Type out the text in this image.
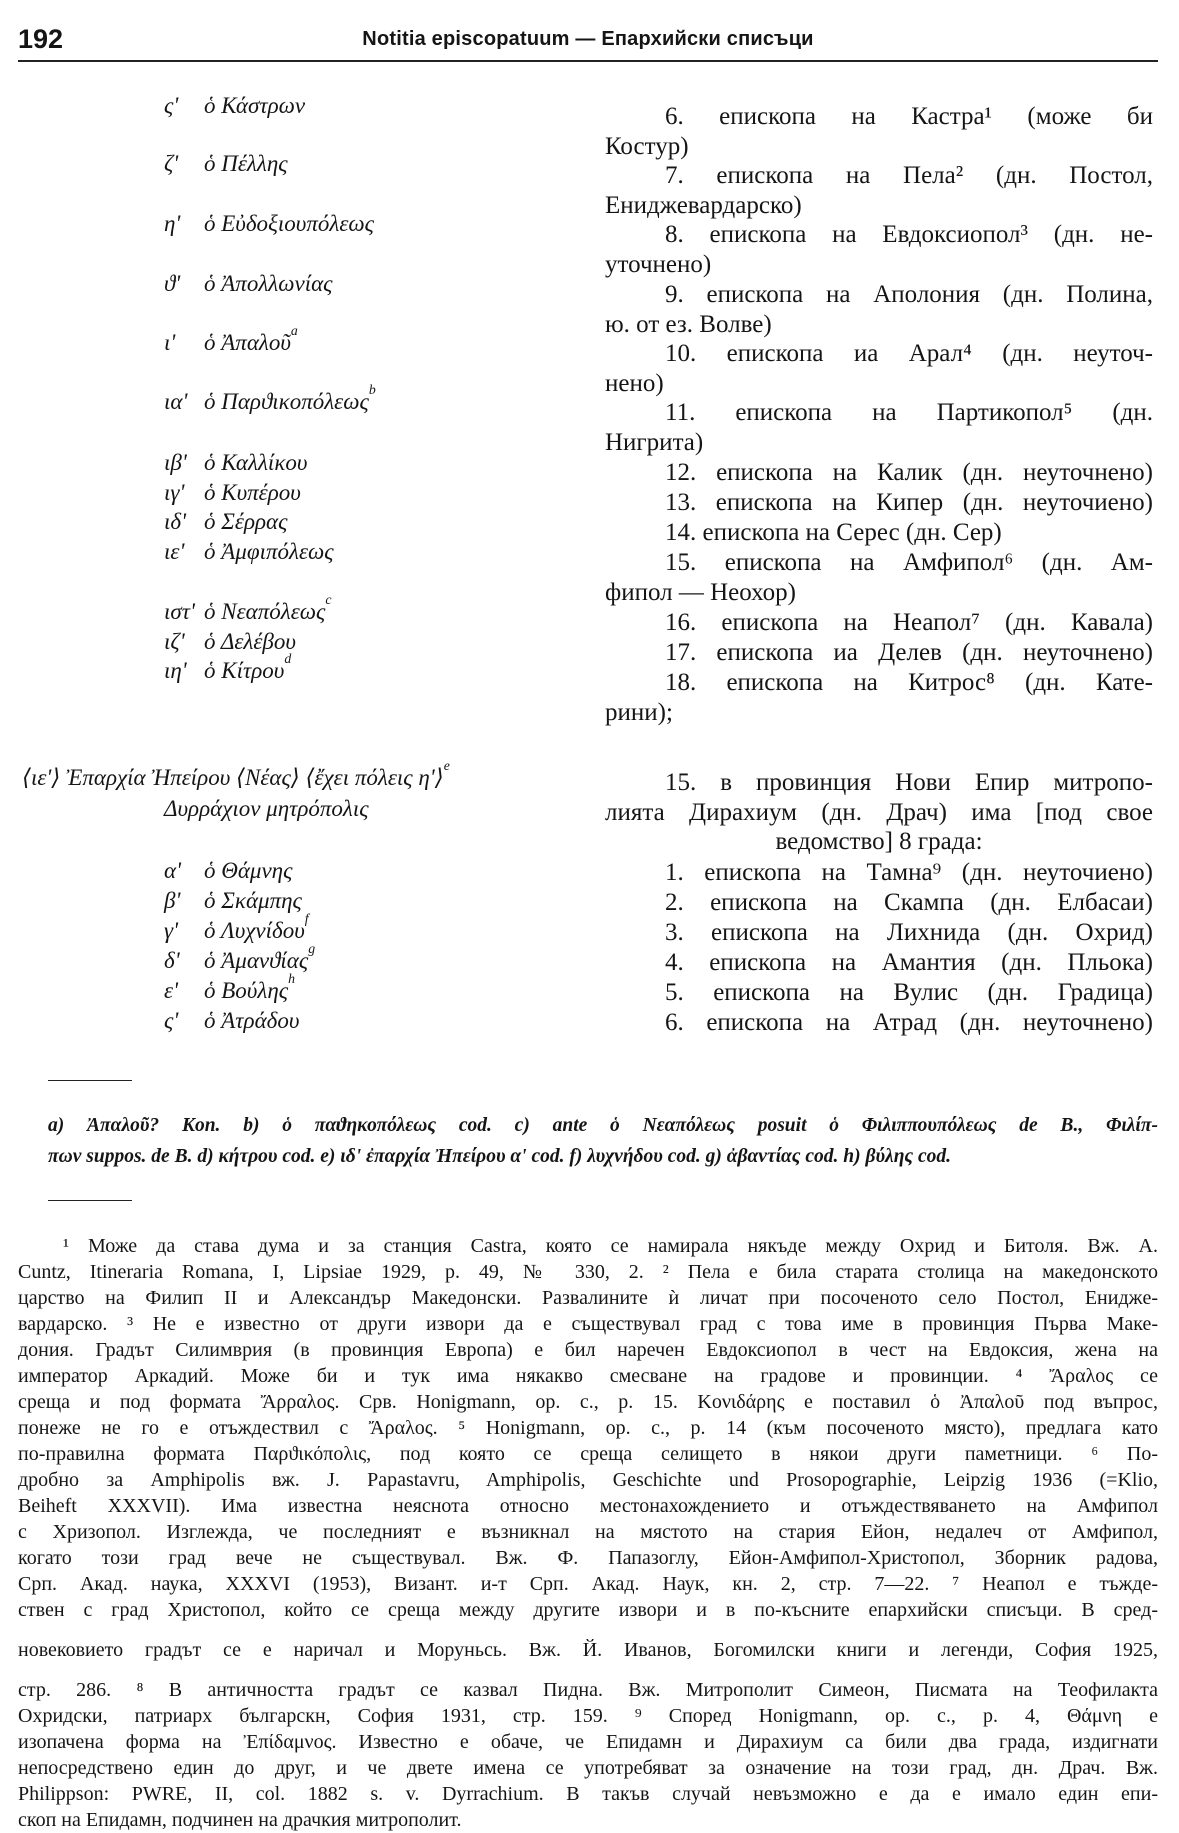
192	Notitia episcopatuum — Епархийски списъци
ς' ὁ Κάστρων
ζ' ὁ Πέλλης
η' ὁ Εὐδοξιουπόλεως
ϑ' ὁ Ἀπολλωνίας
ι' ὁ Ἀπαλοῦ$^a$
ια' ὁ Παρϑικοπόλεως$^b$
ιβ' ὁ Καλλίκου
ιγ' ὁ Κυπέρου
ιδ' ὁ Σέρρας
ιε' ὁ Ἀμφιπόλεως
ιστ' ὁ Νεαπόλεως$^c$
ιζ' ὁ Δελέβου
ιη' ὁ Κίτρου$^d$
⟨ιε'⟩ Ἐπαρχία Ἠπείρου ⟨Νέας⟩ ⟨ἔχει πόλεις η'⟩$^e$
Δυρράχιον μητρόπολις
α' ὁ Θάμνης
β' ὁ Σκάμπης
γ' ὁ Λυχνίδου$^f$
δ' ὁ Ἀμανϑίας$^g$
ε' ὁ Βούλης$^h$
ς' ὁ Ἀτράδου
6. епископа на Кастра¹ (може би
Костур)
7. епископа на Пела² (дн. Постол,
Eниджевардарско)
8. епископа на Евдоксиопол³ (дн. не-
уточнено)
9. епископа на Аполония (дн. Полина,
ю. от ез. Волве)
10. епископа иа Арал⁴ (дн. неуточ-
нено)
11. епископа на Партикопол⁵ (дн.
Нигрита)
12. епископа на Калик (дн. неуточнено)
13. епископа на Кипер (дн. неуточиено)
14. епископа на Серес (дн. Сер)
15. епископа на Амфипол⁶ (дн. Ам-
фипол — Неохор)
16. епископа на Неапол⁷ (дн. Кавала)
17. епископа иа Делев (дн. неуточнено)
18. епископа на Китрос⁸ (дн. Кате-
рини);
15. в провинция Нови Епир митропо-
лията Дирахиум (дн. Драч) има [под свое
ведомство] 8 града:
1. епископа на Тамна⁹ (дн. неуточиено)
2. епископа на Скампа (дн. Елбасаи)
3. епископа на Лихнида (дн. Охрид)
4. епископа на Амантия (дн. Пльока)
5. епископа на Вулис (дн. Градица)
6. епископа на Атрад (дн. неуточнено)
a) Ἀπαλοῦ? Kon. b) ὁ παϑηκοπόλεως cod. c) ante ὁ Νεαπόλεως posuit ὁ Φιλιππουπόλεως de B., Φιλίπ-
πων suppos. de B. d) κήτρου cod. e) ιδ' ἐπαρχία Ἠπείρου α' cod. f) λυχνήδου cod. g) ἀβαντίας cod. h) βύλης cod.
¹ Може да става дума и за станция Castra, която се намирала някъде между Охрид и Битоля. Вж. A.
Cuntz, Itineraria Romana, I, Lipsiae 1929, p. 49, № 330, 2. ² Пела е била старата столица на македонското
царство на Филип II и Александър Македонски. Развалините ѝ личат при посоченото село Постол, Ениджe-
вардарско. ³ Не е известно от други извори да е съществувал град с това име в провинция Първа Маке-
дония. Градът Силимврия (в провинция Европа) е бил наречен Евдоксиопол в чест на Евдоксия, жена на
император Аркадий. Може би и тук има някакво смесване на градове и провинции. ⁴ Ἄραλος се
среща и под формата Ἄρραλος. Срв. Honigmann, op. c., p. 15. Κονιδάρης е поставил ὁ Ἀπαλοῦ под въпрос,
понеже не го е отъждествил с Ἄραλος. ⁵ Honigmann, op. c., p. 14 (към посоченото място), предлага като
по-правилна формата Παρϑικόπολις, под която се среща селището в някои други паметници. ⁶ По-
дробно за Amphipolis вж. J. Papastavru, Amphipolis, Geschichte und Prosopographie, Leipzig 1936 (=Klio,
Beiheft XXXVII). Има известна неяснота относно местонахождението и отъждествяването на Амфипол
с Хризопол. Изглежда, че последният е възникнал на мястото на стария Ейон, недалеч от Амфипол,
когато този град вече не съществувал. Вж. Ф. Папазоглу, Ейон-Амфипол-Христопол, Зборник радова,
Срп. Акад. наука, XXXVI (1953), Визант. и-т Срп. Акад. Наук, кн. 2, стр. 7—22. ⁷ Неапол е тъжде-
ствен с град Христопол, който се среща между другите извори и в по-късните епархийски списъци. В сред-
новековието градът се е наричал и Моруньсь. Вж. Й. Иванов, Богомилски книги и легенди, София 1925,
стр. 286. ⁸ В античността градът се казвал Пидна. Вж. Митрополит Симеон, Писмата на Теофилакта
Охридски, патриарх българскн, София 1931, стр. 159. ⁹ Според Honigmann, op. c., p. 4, Θάμνη е
изопачена форма на Ἐπίδαμνος. Известно е обаче, че Епидамн и Дирахиум са били два града, издигнати
непосредствено един до друг, и че двете имена се употребяват за означение на този град, дн. Драч. Вж.
Philippson: PWRE, II, col. 1882 s. v. Dyrrachium. В такъв случай невъзможно е да е имало един епи-
скоп на Епидамн, подчинен на драчкия митрополит.
